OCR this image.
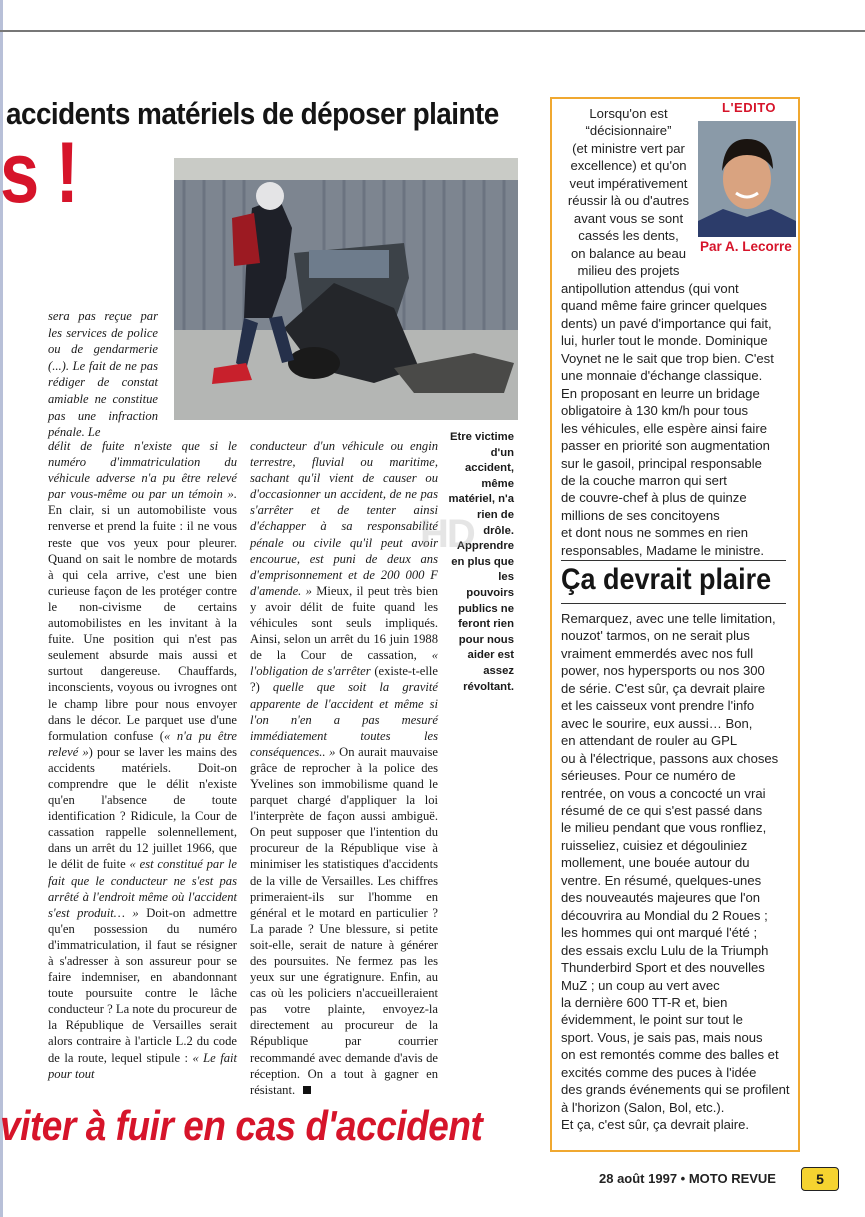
accidents matériels de déposer plainte
s !
sera pas reçue par les services de police ou de gendarmerie (...). Le fait de ne pas rédiger de constat amiable ne constitue pas une infraction pénale. Le

délit de fuite n'existe que si le numéro d'immatriculation du véhicule adverse n'a pu être relevé par vous-même ou par un témoin ». En clair, si un automobiliste vous renverse et prend la fuite : il ne vous reste que vos yeux pour pleurer. Quand on sait le nombre de motards à qui cela arrive, c'est une bien curieuse façon de les protéger contre le non-civisme de certains automobilistes en les invitant à la fuite. Une position qui n'est pas seulement absurde mais aussi et surtout dangereuse. Chauffards, inconscients, voyous ou ivrognes ont le champ libre pour nous envoyer dans le décor. Le parquet use d'une formulation confuse (« n'a pu être relevé ») pour se laver les mains des accidents matériels. Doit-on comprendre que le délit n'existe qu'en l'absence de toute identification ? Ridicule, la Cour de cassation rappelle solennellement, dans un arrêt du 12 juillet 1966, que le délit de fuite « est constitué par le fait que le conducteur ne s'est pas arrêté à l'endroit même où l'accident s'est produit… » Doit-on admettre qu'en possession du numéro d'immatriculation, il faut se résigner à s'adresser à son assureur pour se faire indemniser, en abandonnant toute poursuite contre le lâche conducteur ? La note du procureur de la République de Versailles serait alors contraire à l'article L.2 du code de la route, lequel stipule : « Le fait pour tout

conducteur d'un véhicule ou engin terrestre, fluvial ou maritime, sachant qu'il vient de causer ou d'occasionner un accident, de ne pas s'arrêter et de tenter ainsi d'échapper à sa responsabilité pénale ou civile qu'il peut avoir encourue, est puni de deux ans d'emprisonnement et de 200 000 F d'amende. » Mieux, il peut très bien y avoir délit de fuite quand les véhicules sont seuls impliqués. Ainsi, selon un arrêt du 16 juin 1988 de la Cour de cassation, « l'obligation de s'arrêter (existe-t-elle ?) quelle que soit la gravité apparente de l'accident et même si l'on n'en a pas mesuré immédiatement toutes les conséquences.. » On aurait mauvaise grâce de reprocher à la police des Yvelines son immobilisme quand le parquet chargé d'appliquer la loi l'interprète de façon aussi ambiguë. On peut supposer que l'intention du procureur de la République vise à minimiser les statistiques d'accidents de la ville de Versailles. Les chiffres primeraient-ils sur l'homme en général et le motard en particulier ? La parade ? Une blessure, si petite soit-elle, serait de nature à générer des poursuites. Ne fermez pas les yeux sur une égratignure. Enfin, au cas où les policiers n'accueilleraient pas votre plainte, envoyez-la directement au procureur de la République par courrier recommandé avec demande d'avis de réception. On a tout à gagner en résistant.

Etre victime d'un accident, même matériel, n'a rien de drôle. Apprendre en plus que les pouvoirs publics ne feront rien pour nous aider est assez révoltant.
HD
viter à fuir en cas d'accident
L'EDITO
Par A. Lecorre
Lorsqu'on est
“décisionnaire”
(et ministre vert par
excellence) et qu'on
veut impérativement
réussir là ou d'autres
avant vous se sont
cassés les dents,
on balance au beau
milieu des projets
antipollution attendus (qui vont
quand même faire grincer quelques
dents) un pavé d'importance qui fait,
lui, hurler tout le monde. Dominique
Voynet ne le sait que trop bien. C'est
une monnaie d'échange classique.
En proposant en leurre un bridage
obligatoire à 130 km/h pour tous
les véhicules, elle espère ainsi faire
passer en priorité son augmentation
sur le gasoil, principal responsable
de la couche marron qui sert
de couvre-chef à plus de quinze
millions de ses concitoyens
et dont nous ne sommes en rien
responsables, Madame le ministre.
Ça devrait plaire
Remarquez, avec une telle limitation,
nouzot' tarmos, on ne serait plus
vraiment emmerdés avec nos full
power, nos hypersports ou nos 300
de série. C'est sûr, ça devrait plaire
et les caisseux vont prendre l'info
avec le sourire, eux aussi… Bon,
en attendant de rouler au GPL
ou à l'électrique, passons aux choses
sérieuses. Pour ce numéro de
rentrée, on vous a concocté un vrai
résumé de ce qui s'est passé dans
le milieu pendant que vous ronfliez,
ruisseliez, cuisiez et dégouliniez
mollement, une bouée autour du
ventre. En résumé, quelques-unes
des nouveautés majeures que l'on
découvrira au Mondial du 2 Roues ;
les hommes qui ont marqué l'été ;
des essais exclu Lulu de la Triumph
Thunderbird Sport et des nouvelles
MuZ ; un coup au vert avec
la dernière 600 TT-R et, bien
évidemment, le point sur tout le
sport. Vous, je sais pas, mais nous
on est remontés comme des balles et
excités comme des puces à l'idée
des grands événements qui se profilent
à l'horizon (Salon, Bol, etc.).
Et ça, c'est sûr, ça devrait plaire.
28 août 1997 • MOTO REVUE	5
